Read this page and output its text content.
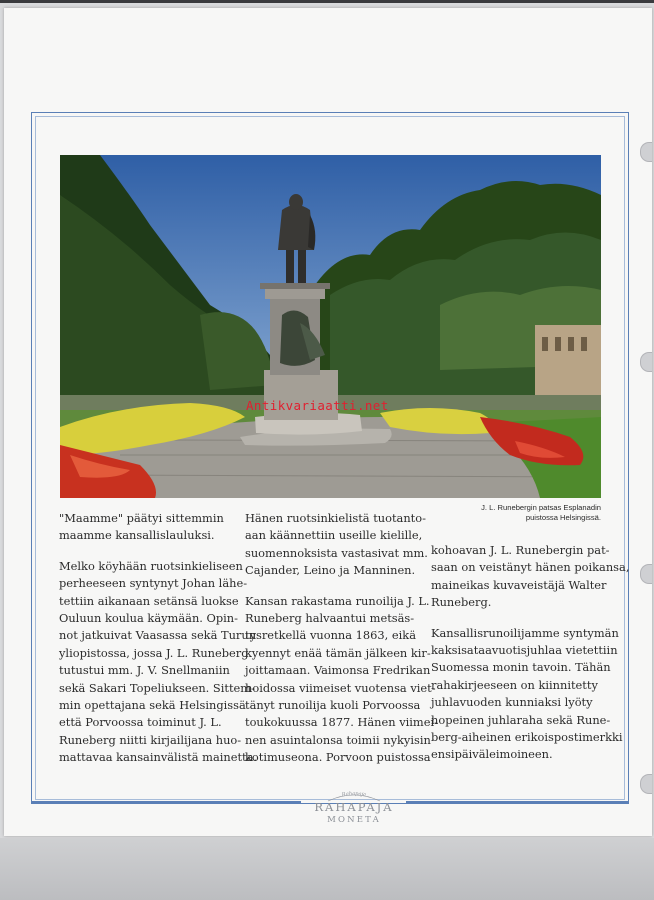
Antikvariaatti.net
J. L. Runebergin patsas Esplanadin
puistossa Helsingissä.
"Maamme" päätyi sittemmin
maamme kansallislauluksi.
Melko köyhään ruotsinkieliseen
perheeseen syntynyt Johan lähe-
tettiin aikanaan setänsä luokse
Ouluun koulua käymään. Opin-
not jatkuivat Vaasassa sekä Turun
yliopistossa, jossa J. L. Runeberg
tutustui mm. J. V. Snellmaniin
sekä Sakari Topeliukseen. Sittem-
min opettajana sekä Helsingissä
että Porvoossa toiminut J. L.
Runeberg niitti kirjailijana huo-
mattavaa kansainvälistä mainetta.
Hänen ruotsinkielistä tuotanto-
aan käännettiin useille kielille,
suomennoksista vastasivat mm.
Cajander, Leino ja Manninen.
Kansan rakastama runoilija J. L.
Runeberg halvaantui metsäs-
tysretkellä vuonna 1863, eikä
kyennyt enää tämän jälkeen kir-
joittamaan. Vaimonsa Fredrikan
hoidossa viimeiset vuotensa viet-
tänyt runoilija kuoli Porvoossa
toukokuussa 1877. Hänen viimei-
nen asuintalonsa toimii nykyisin
kotimuseona. Porvoon puistossa
kohoavan J. L. Runebergin pat-
saan on veistänyt hänen poikansa,
maineikas kuvaveistäjä Walter
Runeberg.
Kansallisrunoilijamme syntymän
kaksisataavuotisjuhlaa vietettiin
Suomessa monin tavoin. Tähän
rahakirjeeseen on kiinnitetty
juhlavuoden kunniaksi lyöty
hopeinen juhlaraha sekä Rune-
berg-aiheinen erikoispostimerkki
ensipäiväleimoineen.
Rahapaja
RAHAPAJA
MONETA
